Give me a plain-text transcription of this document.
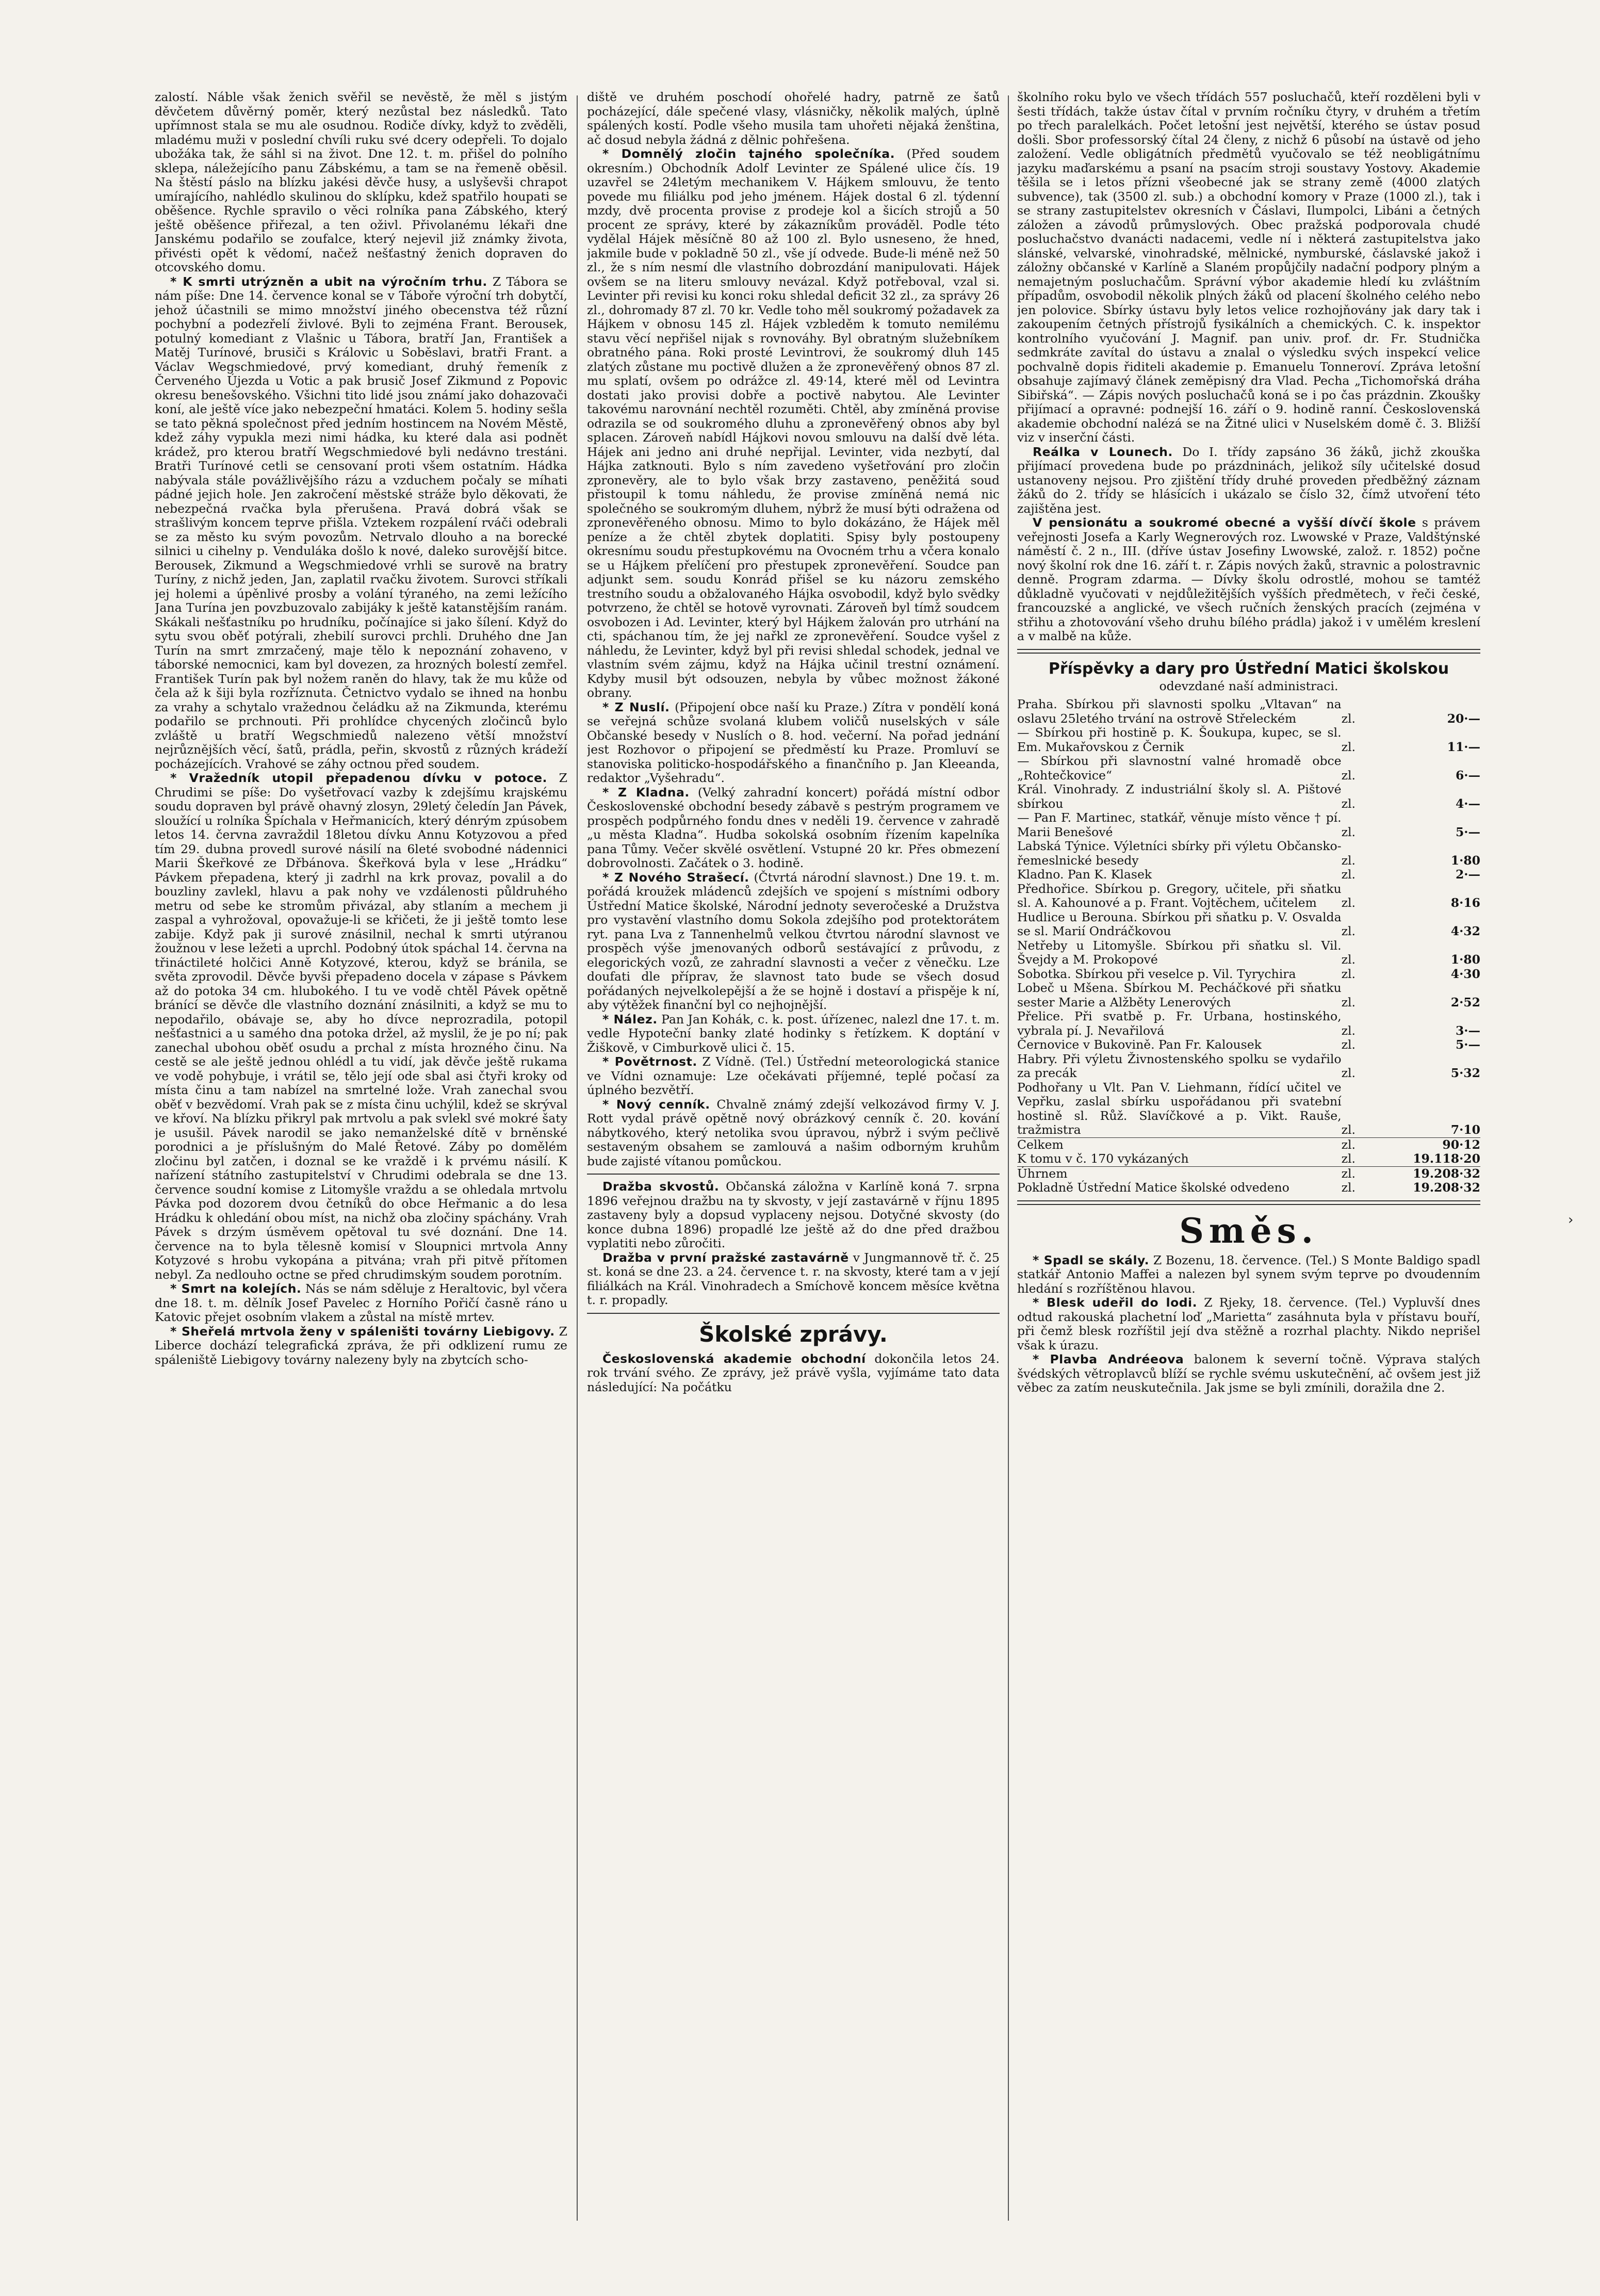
zalostí. Náble však ženich svěřil se nevěstě, že měl s jistým děvčetem důvěrný poměr, který nezůstal bez následků. Tato upřímnost stala se mu ale osudnou. Rodiče dívky, když to zvěděli, mladému muži v poslední chvíli ruku své dcery odepřeli. To dojalo ubožáka tak, že sáhl si na život. Dne 12. t. m. přišel do polního sklepa, náležejícího panu Zábskému, a tam se na řemeně oběsil. Na štěstí páslo na blízku jakési děvče husy, a uslyševši chrapot umírajícího, nahlédlo skulinou do sklípku, kdež spatřilo houpati se oběšence. Rychle spravilo o věci rolníka pana Zábského, který ještě oběšence přiřezal, a ten oživl. Přivolanému lékaři dne Janskému podařilo se zoufalce, který nejevil již známky života, přivésti opět k vědomí, načež nešťastný ženich dopraven do otcovského domu.

* K smrti utrýzněn a ubit na výročním trhu. Z Tábora se nám píše: Dne 14. července konal se v Táboře výroční trh dobytčí, jehož účastnili se mimo množství jiného obecenstva též různí pochybní a podezřelí živlové. Byli to zejména Frant. Berousek, potulný komediant z Vlašnic u Tábora, bratří Jan, František a Matěj Turínové, brusiči s Královic u Soběslavi, bratři Frant. a Václav Wegschmiedové, prvý komediant, druhý řemeník z Červeného Újezda u Votic a pak brusič Josef Zikmund z Popovic okresu benešovského. Všichni tito lidé jsou známí jako dohazovači koní, ale ještě více jako nebezpeční hmatáci. Kolem 5. hodiny sešla se tato pěkná společnost před jedním hostincem na Novém Městě, kdež záhy vypukla mezi nimi hádka, ku které dala asi podnět krádež, pro kterou bratří Wegschmiedové byli nedávno trestáni. Bratři Turínové cetli se censovaní proti všem ostatním. Hádka nabývala stále povážlivějšího rázu a vzduchem počaly se míhati pádné jejich hole. Jen zakročení městské stráže bylo děkovati, že nebezpečná rvačka byla přerušena. Pravá dobrá však se strašlivým koncem teprve přišla. Vztekem rozpálení rváči odebrali se za město ku svým povozům. Netrvalo dlouho a na borecké silnici u cihelny p. Venduláka došlo k nové, daleko surovější bitce. Berousek, Zikmund a Wegschmiedové vrhli se surově na bratry Turíny, z nichž jeden, Jan, zaplatil rvačku životem. Surovci stříkali jej holemi a úpěnlivé prosby a volání týraného, na zemi ležícího Jana Turína jen povzbuzovalo zabijáky k ještě katanstějším ranám. Skákali nešťastníku po hrudníku, počínajíce si jako šílení. Když do sytu svou oběť potýrali, zhebilí surovci prchli. Druhého dne Jan Turín na smrt zmrzačený, maje tělo k nepoznání zohaveno, v táborské nemocnici, kam byl dovezen, za hrozných bolestí zemřel. František Turín pak byl nožem raněn do hlavy, tak že mu kůže od čela až k šiji byla rozříznuta. Četnictvo vydalo se ihned na honbu za vrahy a schytalo vražednou čeládku až na Zikmunda, kterému podařilo se prchnouti. Při prohlídce chycených zločinců bylo zvláště u bratří Wegschmiedů nalezeno větší množství nejrůznějších věcí, šatů, prádla, peřin, skvostů z různých krádeží pocházejících. Vrahové se záhy octnou před soudem.

* Vražedník utopil přepadenou dívku v potoce. Z Chrudimi se píše: Do vyšetřovací vazby k zdejšímu krajskému soudu dopraven byl právě ohavný zlosyn, 29letý čeledín Jan Pávek, sloužící u rolníka Špíchala v Heřmanicích, který dénrým zpúsobem letos 14. června zavraždil 18letou dívku Annu Kotyzovou a před tím 29. dubna provedl surové násilí na 6leté svobodné nádennici Marii Škeřkové ze Dřbánova. Škeřková byla v lese „Hrádku“ Pávkem přepadena, který ji zadrhl na krk provaz, povalil a do bouzliny zavlekl, hlavu a pak nohy ve vzdálenosti půldruhého metru od sebe ke stromům přivázal, aby stlaním a mechem ji zaspal a vyhrožoval, opovažuje-li se křičeti, že ji ještě tomto lese zabije. Když pak ji surové znásilnil, nechal k smrti utýranou žoužnou v lese ležeti a uprchl. Podobný útok spáchal 14. června na třináctileté holčici Anně Kotyzové, kterou, když se bránila, se světa zprovodil. Děvče byvši přepadeno docela v zápase s Pávkem až do potoka 34 cm. hlubokého. I tu ve vodě chtěl Pávek opětně bránící se děvče dle vlastního doznání znásilniti, a když se mu to nepodařilo, obávaje se, aby ho dívce neprozradila, potopil nešťastnici a u samého dna potoka držel, až myslil, že je po ní; pak zanechal ubohou oběť osudu a prchal z místa hrozného činu. Na cestě se ale ještě jednou ohlédl a tu vidí, jak děvče ještě rukama ve vodě pohybuje, i vrátil se, tělo její ode sbal asi čtyři kroky od místa činu a tam nabízel na smrtelné lože. Vrah zanechal svou oběť v bezvědomí. Vrah pak se z místa činu uchýlil, kdež se skrýval ve křoví. Na blízku přikryl pak mrtvolu a pak svlekl své mokré šaty je usušil. Pávek narodil se jako nemanželské dítě v brněnské porodnici a je příslušným do Malé Řetové. Záby po domělém zločinu byl zatčen, i doznal se ke vraždě i k prvému násilí. K nařízení státního zastupitelství v Chrudimi odebrala se dne 13. července soudní komise z Litomyšle vraždu a se ohledala mrtvolu Pávka pod dozorem dvou četníků do obce Heřmanic a do lesa Hrádku k ohledání obou míst, na nichž oba zločiny spáchány. Vrah Pávek s drzým úsměvem opětoval tu své doznání. Dne 14. července na to byla tělesně komisí v Sloupnici mrtvola Anny Kotyzové s hrobu vykopána a pitvána; vrah při pitvě přítomen nebyl. Za nedlouho octne se před chrudimským soudem porotním.

* Smrt na kolejích. Nás se nám sděluje z Heraltovic, byl včera dne 18. t. m. dělník Josef Pavelec z Horního Pořičí časně ráno u Katovic přejet osobním vlakem a zůstal na místě mrtev.

* Sheřelá mrtvola ženy v spáleništi továrny Liebigovy. Z Liberce dochází telegrafická zpráva, že při odklizení rumu ze spáleniště Liebigovy továrny nalezeny byly na zbytcích scho-

diště ve druhém poschodí ohořelé hadry, patrně ze šatů pocházející, dále spečené vlasy, vlásničky, několik malých, úplně spálených kostí. Podle všeho musila tam uhořeti nějaká ženština, ač dosud nebyla žádná z dělnic pohřešena.

* Domnělý zločin tajného společníka. (Před soudem okresním.) Obchodník Adolf Levinter ze Spálené ulice čís. 19 uzavřel se 24letým mechanikem V. Hájkem smlouvu, že tento povede mu filiálku pod jeho jménem. Hájek dostal 6 zl. týdenní mzdy, dvě procenta provise z prodeje kol a šicích strojů a 50 procent ze správy, které by zákazníkům prováděl. Podle této vydělal Hájek měsíčně 80 až 100 zl. Bylo usneseno, že hned, jakmile bude v pokladně 50 zl., vše jí odvede. Bude-li méně než 50 zl., že s ním nesmí dle vlastního dobrozdání manipulovati. Hájek ovšem se na literu smlouvy nevázal. Když potřeboval, vzal si. Levinter při revisi ku konci roku shledal deficit 32 zl., za správy 26 zl., dohromady 87 zl. 70 kr. Vedle toho měl soukromý požadavek za Hájkem v obnosu 145 zl. Hájek vzbleděm k tomuto nemilému stavu věcí nepřišel nijak s rovnováhy. Byl obratným služebníkem obratného pána. Roki prosté Levintrovi, že soukromý dluh 145 zlatých zůstane mu poctivě dlužen a že zpronevěřený obnos 87 zl. mu splatí, ovšem po odrážce zl. 49·14, které měl od Levintra dostati jako provisi dobře a poctivě nabytou. Ale Levinter takovému narovnání nechtěl rozuměti. Chtěl, aby zmíněná provise odrazila se od soukromého dluhu a zpronevěřený obnos aby byl splacen. Zároveň nabídl Hájkovi novou smlouvu na další dvě léta. Hájek ani jedno ani druhé nepřijal. Levinter, vida nezbytí, dal Hájka zatknouti. Bylo s ním zavedeno vyšetřování pro zločin zpronevěry, ale to bylo však brzy zastaveno, peněžitá soud přistoupil k tomu náhledu, že provise zmíněná nemá nic společného se soukromým dluhem, nýbrž že musí býti odražena od zpronevěřeného obnosu. Mimo to bylo dokázáno, že Hájek měl peníze a že chtěl zbytek doplatiti. Spisy byly postoupeny okresnímu soudu přestupkovému na Ovocném trhu a včera konalo se u Hájkem přelíčení pro přestupek zpronevěření. Soudce pan adjunkt sem. soudu Konrád přišel se ku názoru zemského trestního soudu a obžalovaného Hájka osvobodil, když bylo svědky potvrzeno, že chtěl se hotově vyrovnati. Zároveň byl tímž soudcem osvobozen i Ad. Levinter, který byl Hájkem žalován pro utrhání na cti, spáchanou tím, že jej nařkl ze zpronevěření. Soudce vyšel z náhledu, že Levinter, když byl při revisi shledal schodek, jednal ve vlastním svém zájmu, když na Hájka učinil trestní oznámení. Kdyby musil být odsouzen, nebyla by vůbec možnost žákoné obrany.

* Z Nuslí. (Připojení obce naší ku Praze.) Zítra v pondělí koná se veřejná schůze svolaná klubem voličů nuselských v sále Občanské besedy v Nuslích o 8. hod. večerní. Na pořad jednání jest Rozhovor o připojení se předměstí ku Praze. Promluví se stanoviska politicko-hospodářského a finančního p. Jan Kleeanda, redaktor „Vyšehradu“.

* Z Kladna. (Velký zahradní koncert) pořádá místní odbor Československé obchodní besedy zábavě s pestrým programem ve prospěch podpůrného fondu dnes v neděli 19. července v zahradě „u města Kladna“. Hudba sokolská osobním řízením kapelníka pana Tůmy. Večer skvělé osvětlení. Vstupné 20 kr. Přes obmezení dobrovolnosti. Začátek o 3. hodině.

* Z Nového Strašecí. (Čtvrtá národní slavnost.) Dne 19. t. m. pořádá kroužek mládenců zdejších ve spojení s místními odbory Ústřední Matice školské, Národní jednoty severočeské a Družstva pro vystavění vlastního domu Sokola zdejšího pod protektorátem ryt. pana Lva z Tannenhelmů velkou čtvrtou národní slavnost ve prospěch výše jmenovaných odborů sestávající z průvodu, z elegorických vozů, ze zahradní slavnosti a večer z věnečku. Lze doufati dle příprav, že slavnost tato bude se všech dosud pořádaných nejvelkolepější a že se hojně i dostaví a přispěje k ní, aby výtěžek finanční byl co nejhojnější.

* Nález. Pan Jan Kohák, c. k. post. úřízenec, nalezl dne 17. t. m. vedle Hypoteční banky zlaté hodinky s řetízkem. K doptání v Žiškově, v Cimburkově ulici č. 15.

* Povětrnost. Z Vídně. (Tel.) Ústřední meteorologická stanice ve Vídni oznamuje: Lze očekávati příjemné, teplé počasí za úplného bezvětří.

* Nový cenník. Chvalně známý zdejší velkozávod firmy V. J. Rott vydal právě opětně nový obrázkový cenník č. 20. kování nábytkového, který netolika svou úpravou, nýbrž i svým pečlivě sestaveným obsahem se zamlouvá a našim odborným kruhům bude zajisté vítanou pomůckou.

Dražba skvostů. Občanská záložna v Karlíně koná 7. srpna 1896 veřejnou dražbu na ty skvosty, v její zastavárně v říjnu 1895 zastaveny byly a dopsud vyplaceny nejsou. Dotyčné skvosty (do konce dubna 1896) propadlé lze ještě až do dne před dražbou vyplatiti nebo zůročiti.

Dražba v první pražské zastavárně v Jungmannově tř. č. 25 st. koná se dne 23. a 24. července t. r. na skvosty, které tam a v její filiálkách na Král. Vinohradech a Smíchově koncem měsíce května t. r. propadly.

Školské zprávy.

Československá akademie obchodní dokončila letos 24. rok trvání svého. Ze zprávy, jež právě vyšla, vyjímáme tato data následující: Na počátku

školního roku bylo ve všech třídách 557 posluchačů, kteří rozděleni byli v šesti třídách, takže ústav čítal v prvním ročníku čtyry, v druhém a třetím po třech paralelkách. Počet letošní jest největší, kterého se ústav posud došli. Sbor professorský čítal 24 členy, z nichž 6 působí na ústavě od jeho založení. Vedle obligátních předmětů vyučovalo se též neobligátnímu jazyku maďarskému a psaní na psacím stroji soustavy Yostovy. Akademie těšila se i letos přízni všeobecné jak se strany země (4000 zlatých subvence), tak (3500 zl. sub.) a obchodní komory v Praze (1000 zl.), tak i se strany zastupitelstev okresních v Čáslavi, Ilumpolci, Libáni a četných záložen a závodů průmyslových. Obec pražská podporovala chudé posluchačstvo dvanácti nadacemi, vedle ní i některá zastupitelstva jako slánské, velvarské, vinohradské, mělnické, nymburské, čáslavské jakož i záložny občanské v Karlíně a Slaném propůjčily nadační podpory plným a nemajetným posluchačům. Správní výbor akademie hledí ku zvláštním případům, osvobodil několik plných žáků od placení školného celého nebo jen polovice. Sbírky ústavu byly letos velice rozhojňovány jak dary tak i zakoupením četných přístrojů fysikálních a chemických. C. k. inspektor kontrolního vyučování J. Magnif. pan univ. prof. dr. Fr. Studnička sedmkráte zavítal do ústavu a znalal o výsledku svých inspekcí velice pochvalně dopis řiditeli akademie p. Emanuelu Tonneroví. Zpráva letošní obsahuje zajímavý článek zeměpisný dra Vlad. Pecha „Tichomořská dráha Sibiřská“. — Zápis nových posluchačů koná se i po čas prázdnin. Zkoušky přijímací a opravné: podnejší 16. září o 9. hodině ranní. Československá akademie obchodní nalézá se na Žitné ulici v Nuselském domě č. 3. Bližší viz v inserční části.

Reálka v Lounech. Do I. třídy zapsáno 36 žáků, jichž zkouška přijímací provedena bude po prázdninách, jelikož síly učitelské dosud ustanoveny nejsou. Pro zjištění třídy druhé proveden předběžný záznam žáků do 2. třídy se hlásících i ukázalo se číslo 32, čímž utvoření této zajištěna jest.

V pensionátu a soukromé obecné a vyšší dívčí škole s právem veřejnosti Josefa a Karly Wegnerových roz. Lwowské v Praze, Valdštýnské náměstí č. 2 n., III. (dříve ústav Josefiny Lwowské, založ. r. 1852) počne nový školní rok dne 16. září t. r. Zápis nových žaků, stravnic a polostravnic denně. Program zdarma. — Dívky školu odrostlé, mohou se tamtéž důkladně vyučovati v nejdůležitějších vyšších předmětech, v řeči české, francouzské a anglické, ve všech ručních ženských pracích (zejména v střihu a zhotovování všeho druhu bílého prádla) jakož i v umělém kreslení a v malbě na kůže.

Příspěvky a dary pro Ústřední Matici školskou
odevzdané naší administraci.
Praha. Sbírkou při slavnosti spolku „Vltavan“ na oslavu 25letého trvání na ostrově Střeleckém	zl.	20·—
— Sbírkou při hostině p. K. Šoukupa, kupec, se sl. Em. Mukařovskou z Černik	zl.	11·—
— Sbírkou při slavnostní valné hromadě obce „Rohtečkovice“	zl.	6·—
Král. Vinohrady. Z industriální školy sl. A. Pištové sbírkou	zl.	4·—
— Pan F. Martinec, statkář, věnuje místo věnce † pí. Marii Benešové	zl.	5·—
Labská Týnice. Výletníci sbírky při výletu Občansko-řemeslnické besedy	zl.	1·80
Kladno. Pan K. Klasek	zl.	2·—
Předhořice. Sbírkou p. Gregory, učitele, při sňatku sl. A. Kahounové a p. Frant. Vojtěchem, učitelem	zl.	8·16
Hudlice u Berouna. Sbírkou při sňatku p. V. Osvalda se sl. Marií Ondráčkovou	zl.	4·32
Netřeby u Litomyšle. Sbírkou při sňatku sl. Vil. Švejdy a M. Prokopové	zl.	1·80
Sobotka. Sbírkou při veselce p. Vil. Tyrychira	zl.	4·30
Lobeč u Mšena. Sbírkou M. Pecháčkové při sňatku sester Marie a Alžběty Lenerových	zl.	2·52
Přelice. Při svatbě p. Fr. Urbana, hostinského, vybrala pí. J. Nevařilová	zl.	3·—
Černovice v Bukovině. Pan Fr. Kalousek	zl.	5·—
Habry. Při výletu Živnostenského spolku se vydařilo za precák	zl.	5·32
Podhořany u Vlt. Pan V. Liehmann, řídící učitel ve Vepřku, zaslal sbírku uspořádanou při svatební hostině sl. Růž. Slavíčkové a p. Vikt. Rauše, tražmistra	zl.	7·10
Celkem	zl.	90·12
K tomu v č. 170 vykázaných	zl.	19.118·20
Úhrnem	zl.	19.208·32
Pokladně Ústřední Matice školské odvedeno	zl.	19.208·32
Směs.

* Spadl se skály. Z Bozenu, 18. července. (Tel.) S Monte Baldigo spadl statkář Antonio Maffei a nalezen byl synem svým teprve po dvoudenním hledání s rozříštěnou hlavou.

* Blesk udeřil do lodi. Z Rjeky, 18. července. (Tel.) Vypluvší dnes odtud rakouská plachetní loď „Marietta“ zasáhnuta byla v přístavu bouří, při čemž blesk rozříštil její dva stěžně a rozrhal plachty. Nikdo neprišel však k úrazu.

* Plavba Andréeova balonem k severní točně. Výprava stalých švédských větroplavců blíží se rychle svému uskutečnění, ač ovšem jest již věbec za zatím neuskutečnila. Jak jsme se byli zmínili, doražila dne 2.

›
